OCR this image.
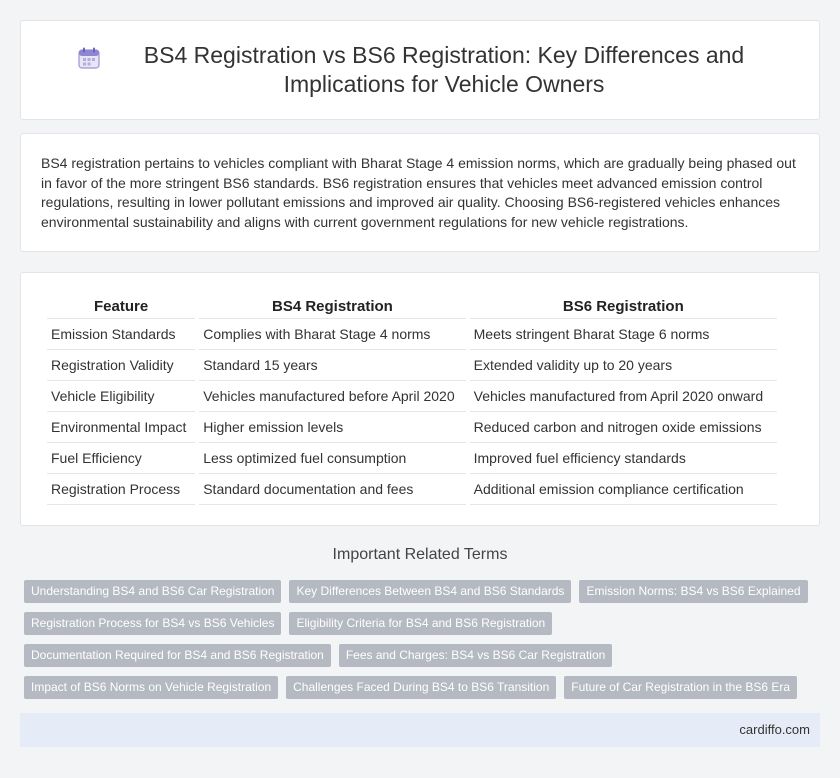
BS4 Registration vs BS6 Registration: Key Differences and Implications for Vehicle Owners

BS4 registration pertains to vehicles compliant with Bharat Stage 4 emission norms, which are gradually being phased out in favor of the more stringent BS6 standards. BS6 registration ensures that vehicles meet advanced emission control regulations, resulting in lower pollutant emissions and improved air quality. Choosing BS6-registered vehicles enhances environmental sustainability and aligns with current government regulations for new vehicle registrations.

Feature	BS4 Registration	BS6 Registration
Emission Standards	Complies with Bharat Stage 4 norms	Meets stringent Bharat Stage 6 norms
Registration Validity	Standard 15 years	Extended validity up to 20 years
Vehicle Eligibility	Vehicles manufactured before April 2020	Vehicles manufactured from April 2020 onward
Environmental Impact	Higher emission levels	Reduced carbon and nitrogen oxide emissions
Fuel Efficiency	Less optimized fuel consumption	Improved fuel efficiency standards
Registration Process	Standard documentation and fees	Additional emission compliance certification
Important Related Terms
Understanding BS4 and BS6 Car Registration	Key Differences Between BS4 and BS6 Standards	Emission Norms: BS4 vs BS6 Explained
Registration Process for BS4 vs BS6 Vehicles	Eligibility Criteria for BS4 and BS6 Registration
Documentation Required for BS4 and BS6 Registration	Fees and Charges: BS4 vs BS6 Car Registration
Impact of BS6 Norms on Vehicle Registration	Challenges Faced During BS4 to BS6 Transition	Future of Car Registration in the BS6 Era
cardiffo.com
